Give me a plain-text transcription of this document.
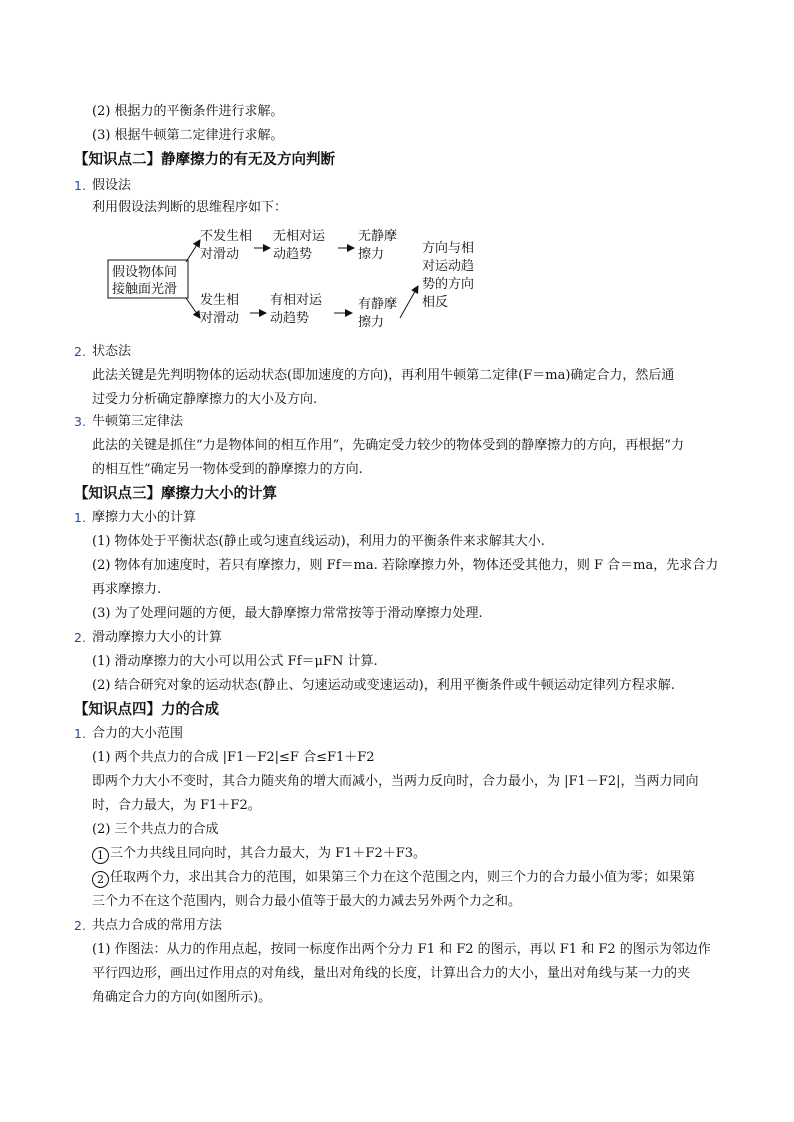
(2) 根据力的平衡条件进行求解。
(3) 根据牛顿第二定律进行求解。
【知识点二】静摩擦力的有无及方向判断
1. 假设法
利用假设法判断的思维程序如下：
假设物体间
接触面光滑
不发生相
对滑动
无相对运
动趋势
无静摩
擦力
发生相
对滑动
有相对运
动趋势
有静摩
擦力
方向与相
对运动趋
势的方向
相反
2. 状态法
此法关键是先判明物体的运动状态(即加速度的方向)，再利用牛顿第二定律(F＝ma)确定合力，然后通
过受力分析确定静摩擦力的大小及方向.
3. 牛顿第三定律法
此法的关键是抓住“力是物体间的相互作用”，先确定受力较少的物体受到的静摩擦力的方向，再根据“力
的相互性”确定另一物体受到的静摩擦力的方向.
【知识点三】摩擦力大小的计算
1. 摩擦力大小的计算
(1) 物体处于平衡状态(静止或匀速直线运动)，利用力的平衡条件来求解其大小.
(2) 物体有加速度时，若只有摩擦力，则 Ff＝ma. 若除摩擦力外，物体还受其他力，则 F 合＝ma，先求合力
再求摩擦力.
(3) 为了处理问题的方便，最大静摩擦力常常按等于滑动摩擦力处理.
2. 滑动摩擦力大小的计算
(1) 滑动摩擦力的大小可以用公式 Ff＝μFN 计算.
(2) 结合研究对象的运动状态(静止、匀速运动或变速运动)，利用平衡条件或牛顿运动定律列方程求解.
【知识点四】力的合成
1. 合力的大小范围
(1) 两个共点力的合成 |F1－F2|≤F 合≤F1＋F2
即两个力大小不变时，其合力随夹角的增大而减小，当两力反向时，合力最小，为 |F1－F2|，当两力同向
时，合力最大，为 F1＋F2。
(2) 三个共点力的合成
1 三个力共线且同向时，其合力最大，为 F1＋F2＋F3。
2 任取两个力，求出其合力的范围，如果第三个力在这个范围之内，则三个力的合力最小值为零；如果第
三个力不在这个范围内，则合力最小值等于最大的力减去另外两个力之和。
2. 共点力合成的常用方法
(1) 作图法：从力的作用点起，按同一标度作出两个分力 F1 和 F2 的图示，再以 F1 和 F2 的图示为邻边作
平行四边形，画出过作用点的对角线，量出对角线的长度，计算出合力的大小，量出对角线与某一力的夹
角确定合力的方向(如图所示)。
